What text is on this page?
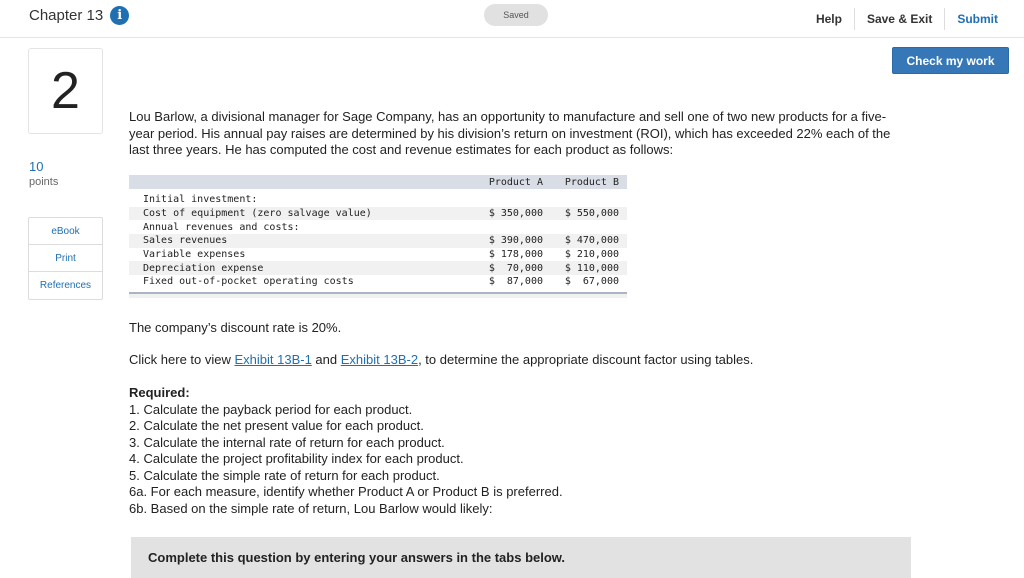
Chapter 13	i	Saved	Help	Save & Exit	Submit
Check my work
2
10
points
eBook
Print
References
Lou Barlow, a divisional manager for Sage Company, has an opportunity to manufacture and sell one of two new products for a five-
year period. His annual pay raises are determined by his division’s return on investment (ROI), which has exceeded 22% each of the
last three years. He has computed the cost and revenue estimates for each product as follows:
Product A	Product B
Initial investment:
Cost of equipment (zero salvage value)	$ 350,000	$ 550,000
Annual revenues and costs:
Sales revenues	$ 390,000	$ 470,000
Variable expenses	$ 178,000	$ 210,000
Depreciation expense	$  70,000	$ 110,000
Fixed out-of-pocket operating costs	$  87,000	$  67,000
The company’s discount rate is 20%.
Click here to view Exhibit 13B-1 and Exhibit 13B-2, to determine the appropriate discount factor using tables.
Required:
1. Calculate the payback period for each product.
2. Calculate the net present value for each product.
3. Calculate the internal rate of return for each product.
4. Calculate the project profitability index for each product.
5. Calculate the simple rate of return for each product.
6a. For each measure, identify whether Product A or Product B is preferred.
6b. Based on the simple rate of return, Lou Barlow would likely:
Complete this question by entering your answers in the tabs below.
